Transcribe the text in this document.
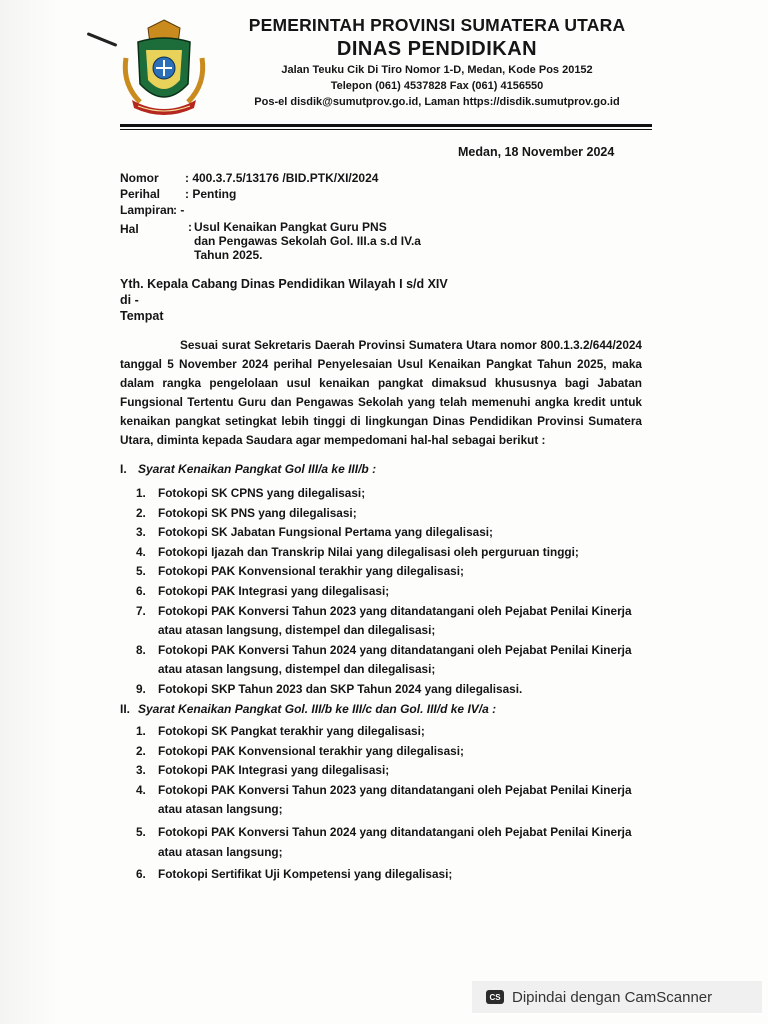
PEMERINTAH PROVINSI SUMATERA UTARA
DINAS PENDIDIKAN
Jalan Teuku Cik Di Tiro Nomor 1-D, Medan, Kode Pos 20152
Telepon (061) 4537828 Fax (061) 4156550
Pos-el disdik@sumutprov.go.id, Laman https://disdik.sumutprov.go.id
Medan, 18 November 2024
Nomor : 400.3.7.5/13176 /BID.PTK/XI/2024
Perihal : Penting
Lampiran
: -
Hal	: Usul Kenaikan Pangkat Guru PNS
dan Pengawas Sekolah Gol. III.a s.d IV.a
Tahun 2025.
Yth. Kepala Cabang Dinas Pendidikan Wilayah I s/d XIV
di -
Tempat
Sesuai surat Sekretaris Daerah Provinsi Sumatera Utara nomor 800.1.3.2/644/2024 tanggal 5 November 2024 perihal Penyelesaian Usul Kenaikan Pangkat Tahun 2025, maka dalam rangka pengelolaan usul kenaikan pangkat dimaksud khususnya bagi Jabatan Fungsional Tertentu Guru dan Pengawas Sekolah yang telah memenuhi angka kredit untuk kenaikan pangkat setingkat lebih tinggi di lingkungan Dinas Pendidikan Provinsi Sumatera Utara, diminta kepada Saudara agar mempedomani hal-hal sebagai berikut :
I. Syarat Kenaikan Pangkat Gol III/a ke III/b :
1. Fotokopi SK CPNS yang dilegalisasi;
2. Fotokopi SK PNS yang dilegalisasi;
3. Fotokopi SK Jabatan Fungsional Pertama yang dilegalisasi;
4. Fotokopi Ijazah dan Transkrip Nilai yang dilegalisasi oleh perguruan tinggi;
5. Fotokopi PAK Konvensional terakhir yang dilegalisasi;
6. Fotokopi PAK Integrasi yang dilegalisasi;
7. Fotokopi PAK Konversi Tahun 2023 yang ditandatangani oleh Pejabat Penilai Kinerja atau atasan langsung, distempel dan dilegalisasi;
8. Fotokopi PAK Konversi Tahun 2024 yang ditandatangani oleh Pejabat Penilai Kinerja atau atasan langsung, distempel dan dilegalisasi;
9. Fotokopi SKP Tahun 2023 dan SKP Tahun 2024 yang dilegalisasi.
II. Syarat Kenaikan Pangkat Gol. III/b ke III/c dan Gol. III/d ke IV/a :
1. Fotokopi SK Pangkat terakhir yang dilegalisasi;
2. Fotokopi PAK Konvensional terakhir yang dilegalisasi;
3. Fotokopi PAK Integrasi yang dilegalisasi;
4. Fotokopi PAK Konversi Tahun 2023 yang ditandatangani oleh Pejabat Penilai Kinerja atau atasan langsung;
5. Fotokopi PAK Konversi Tahun 2024 yang ditandatangani oleh Pejabat Penilai Kinerja atau atasan langsung;
6. Fotokopi Sertifikat Uji Kompetensi yang dilegalisasi;
CS Dipindai dengan CamScanner
